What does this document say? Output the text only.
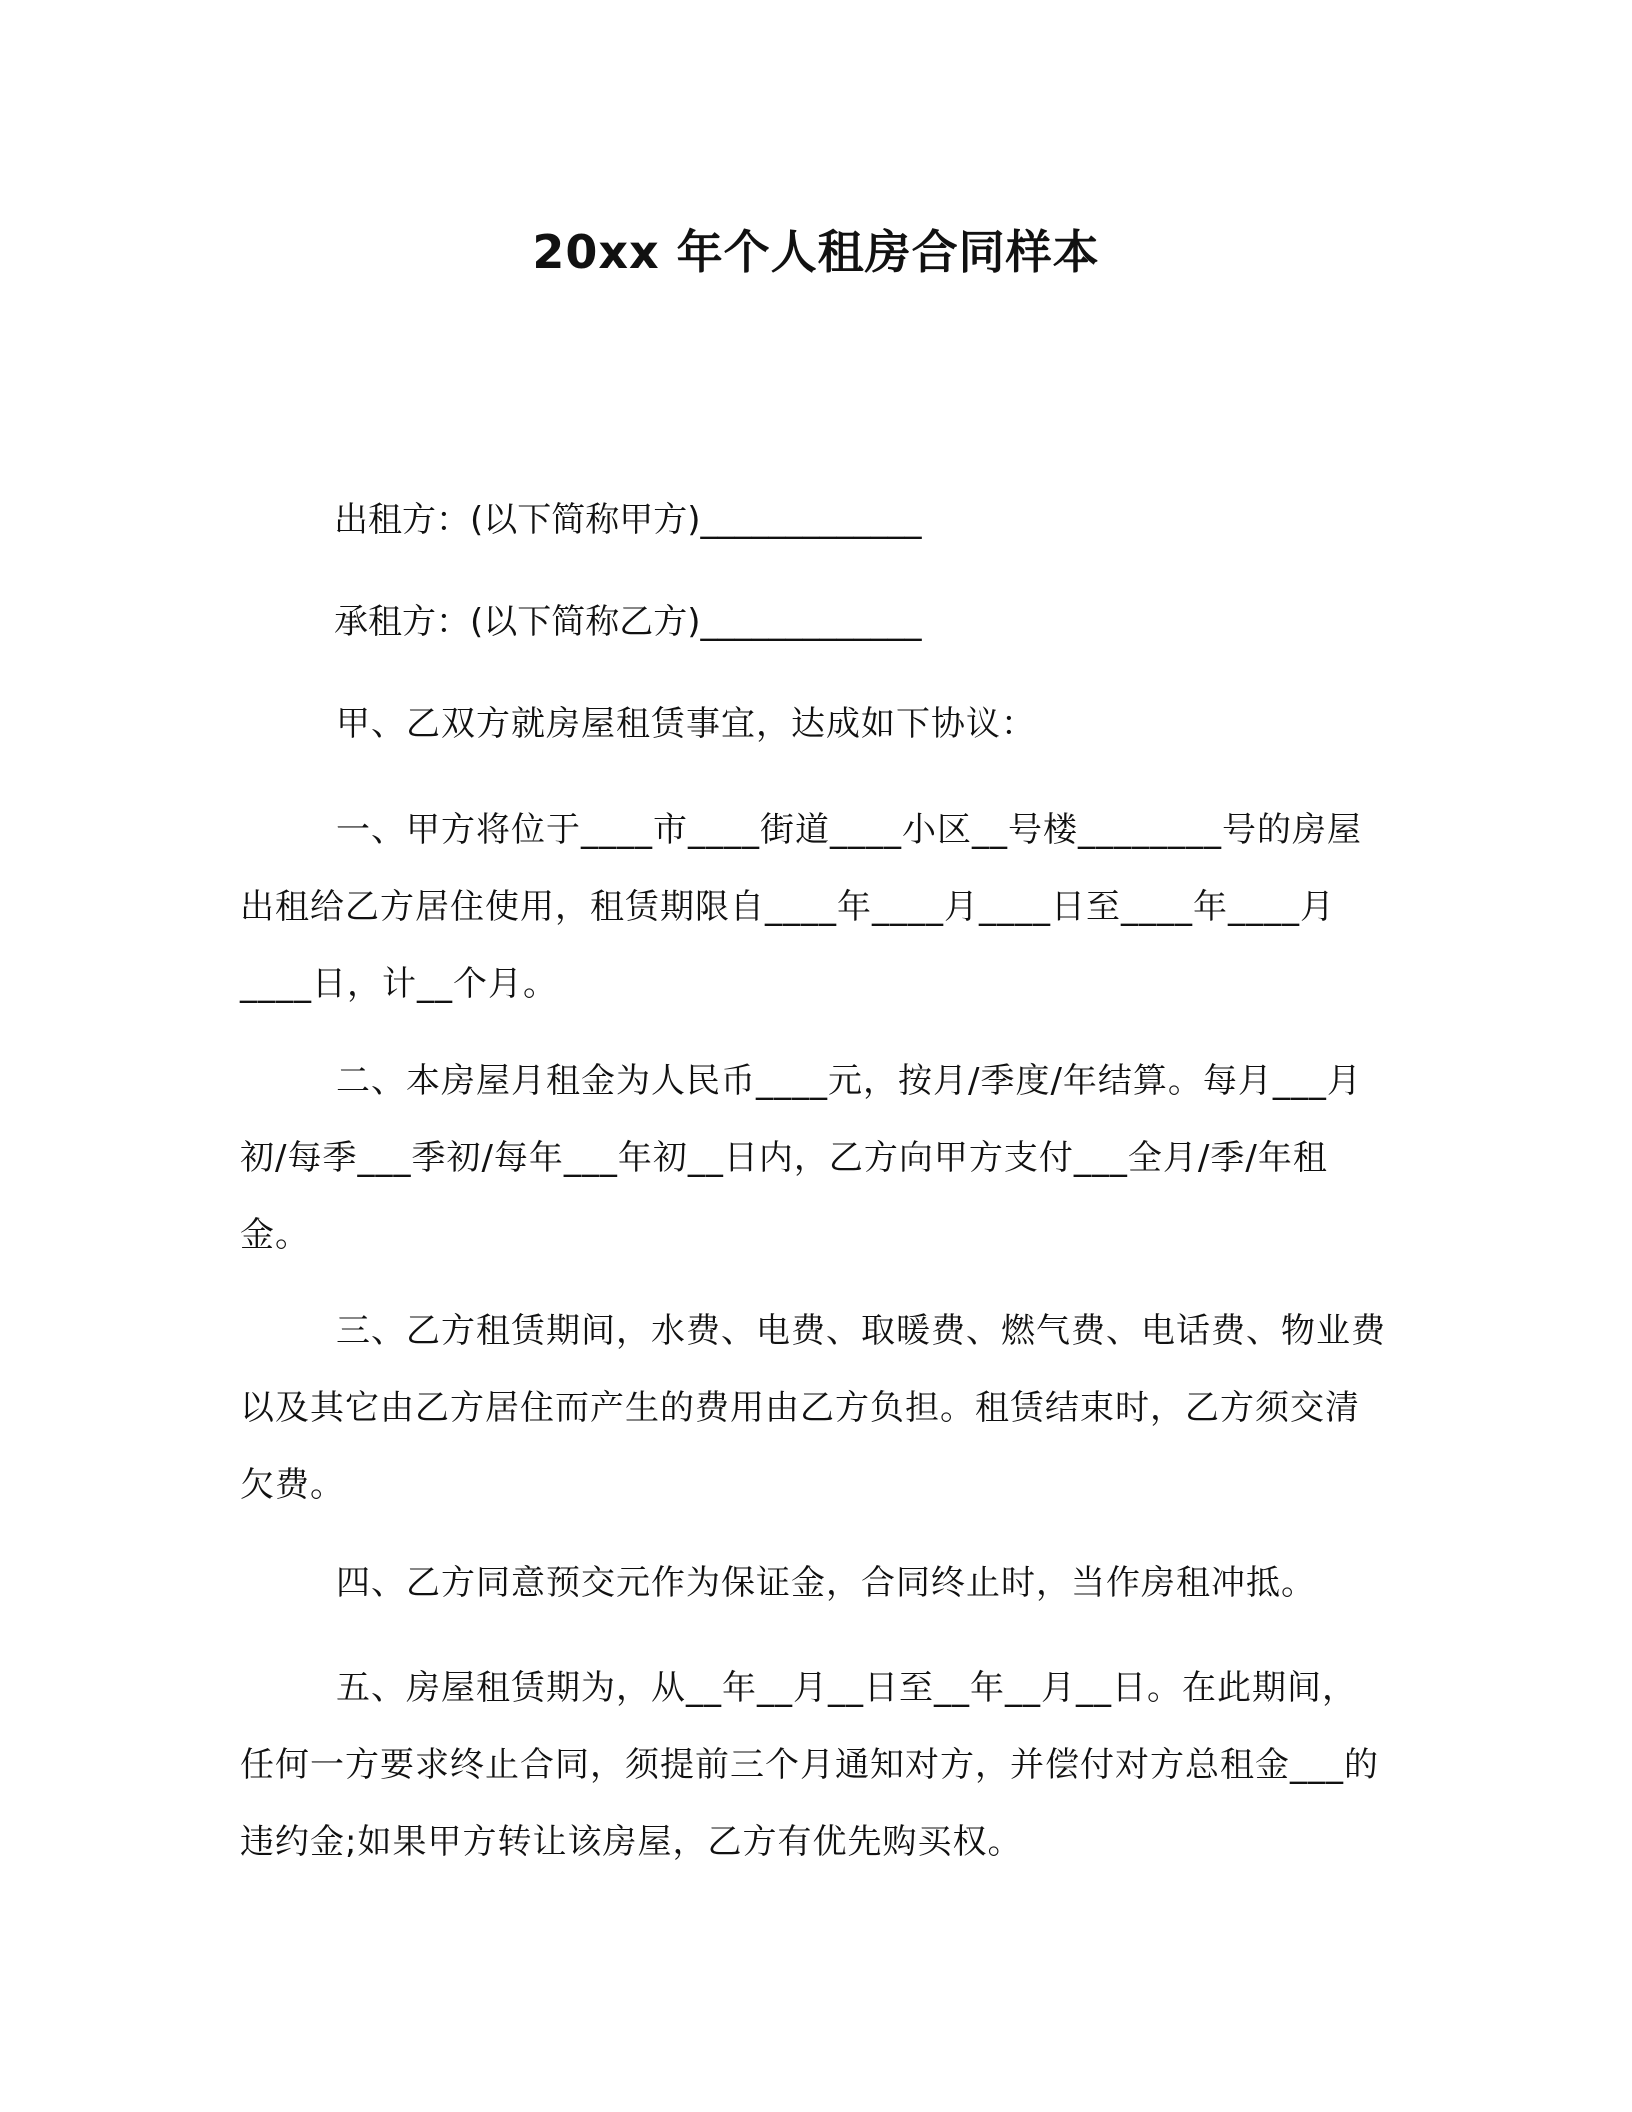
20xx 年个人租房合同样本
出租方：(以下简称甲方)_____________
承租方：(以下简称乙方)_____________
甲、乙双方就房屋租赁事宜，达成如下协议：
一、甲方将位于____市____街道____小区__号楼________号的房屋出租给乙方居住使用，租赁期限自____年____月____日至____年____月____日，计__个月。
二、本房屋月租金为人民币____元，按月/季度/年结算。每月___月初/每季___季初/每年___年初__日内，乙方向甲方支付___全月/季/年租金。
三、乙方租赁期间，水费、电费、取暖费、燃气费、电话费、物业费以及其它由乙方居住而产生的费用由乙方负担。租赁结束时，乙方须交清欠费。
四、乙方同意预交元作为保证金，合同终止时，当作房租冲抵。
五、房屋租赁期为，从__年__月__日至__年__月__日。在此期间，任何一方要求终止合同，须提前三个月通知对方，并偿付对方总租金___的违约金;如果甲方转让该房屋，乙方有优先购买权。
